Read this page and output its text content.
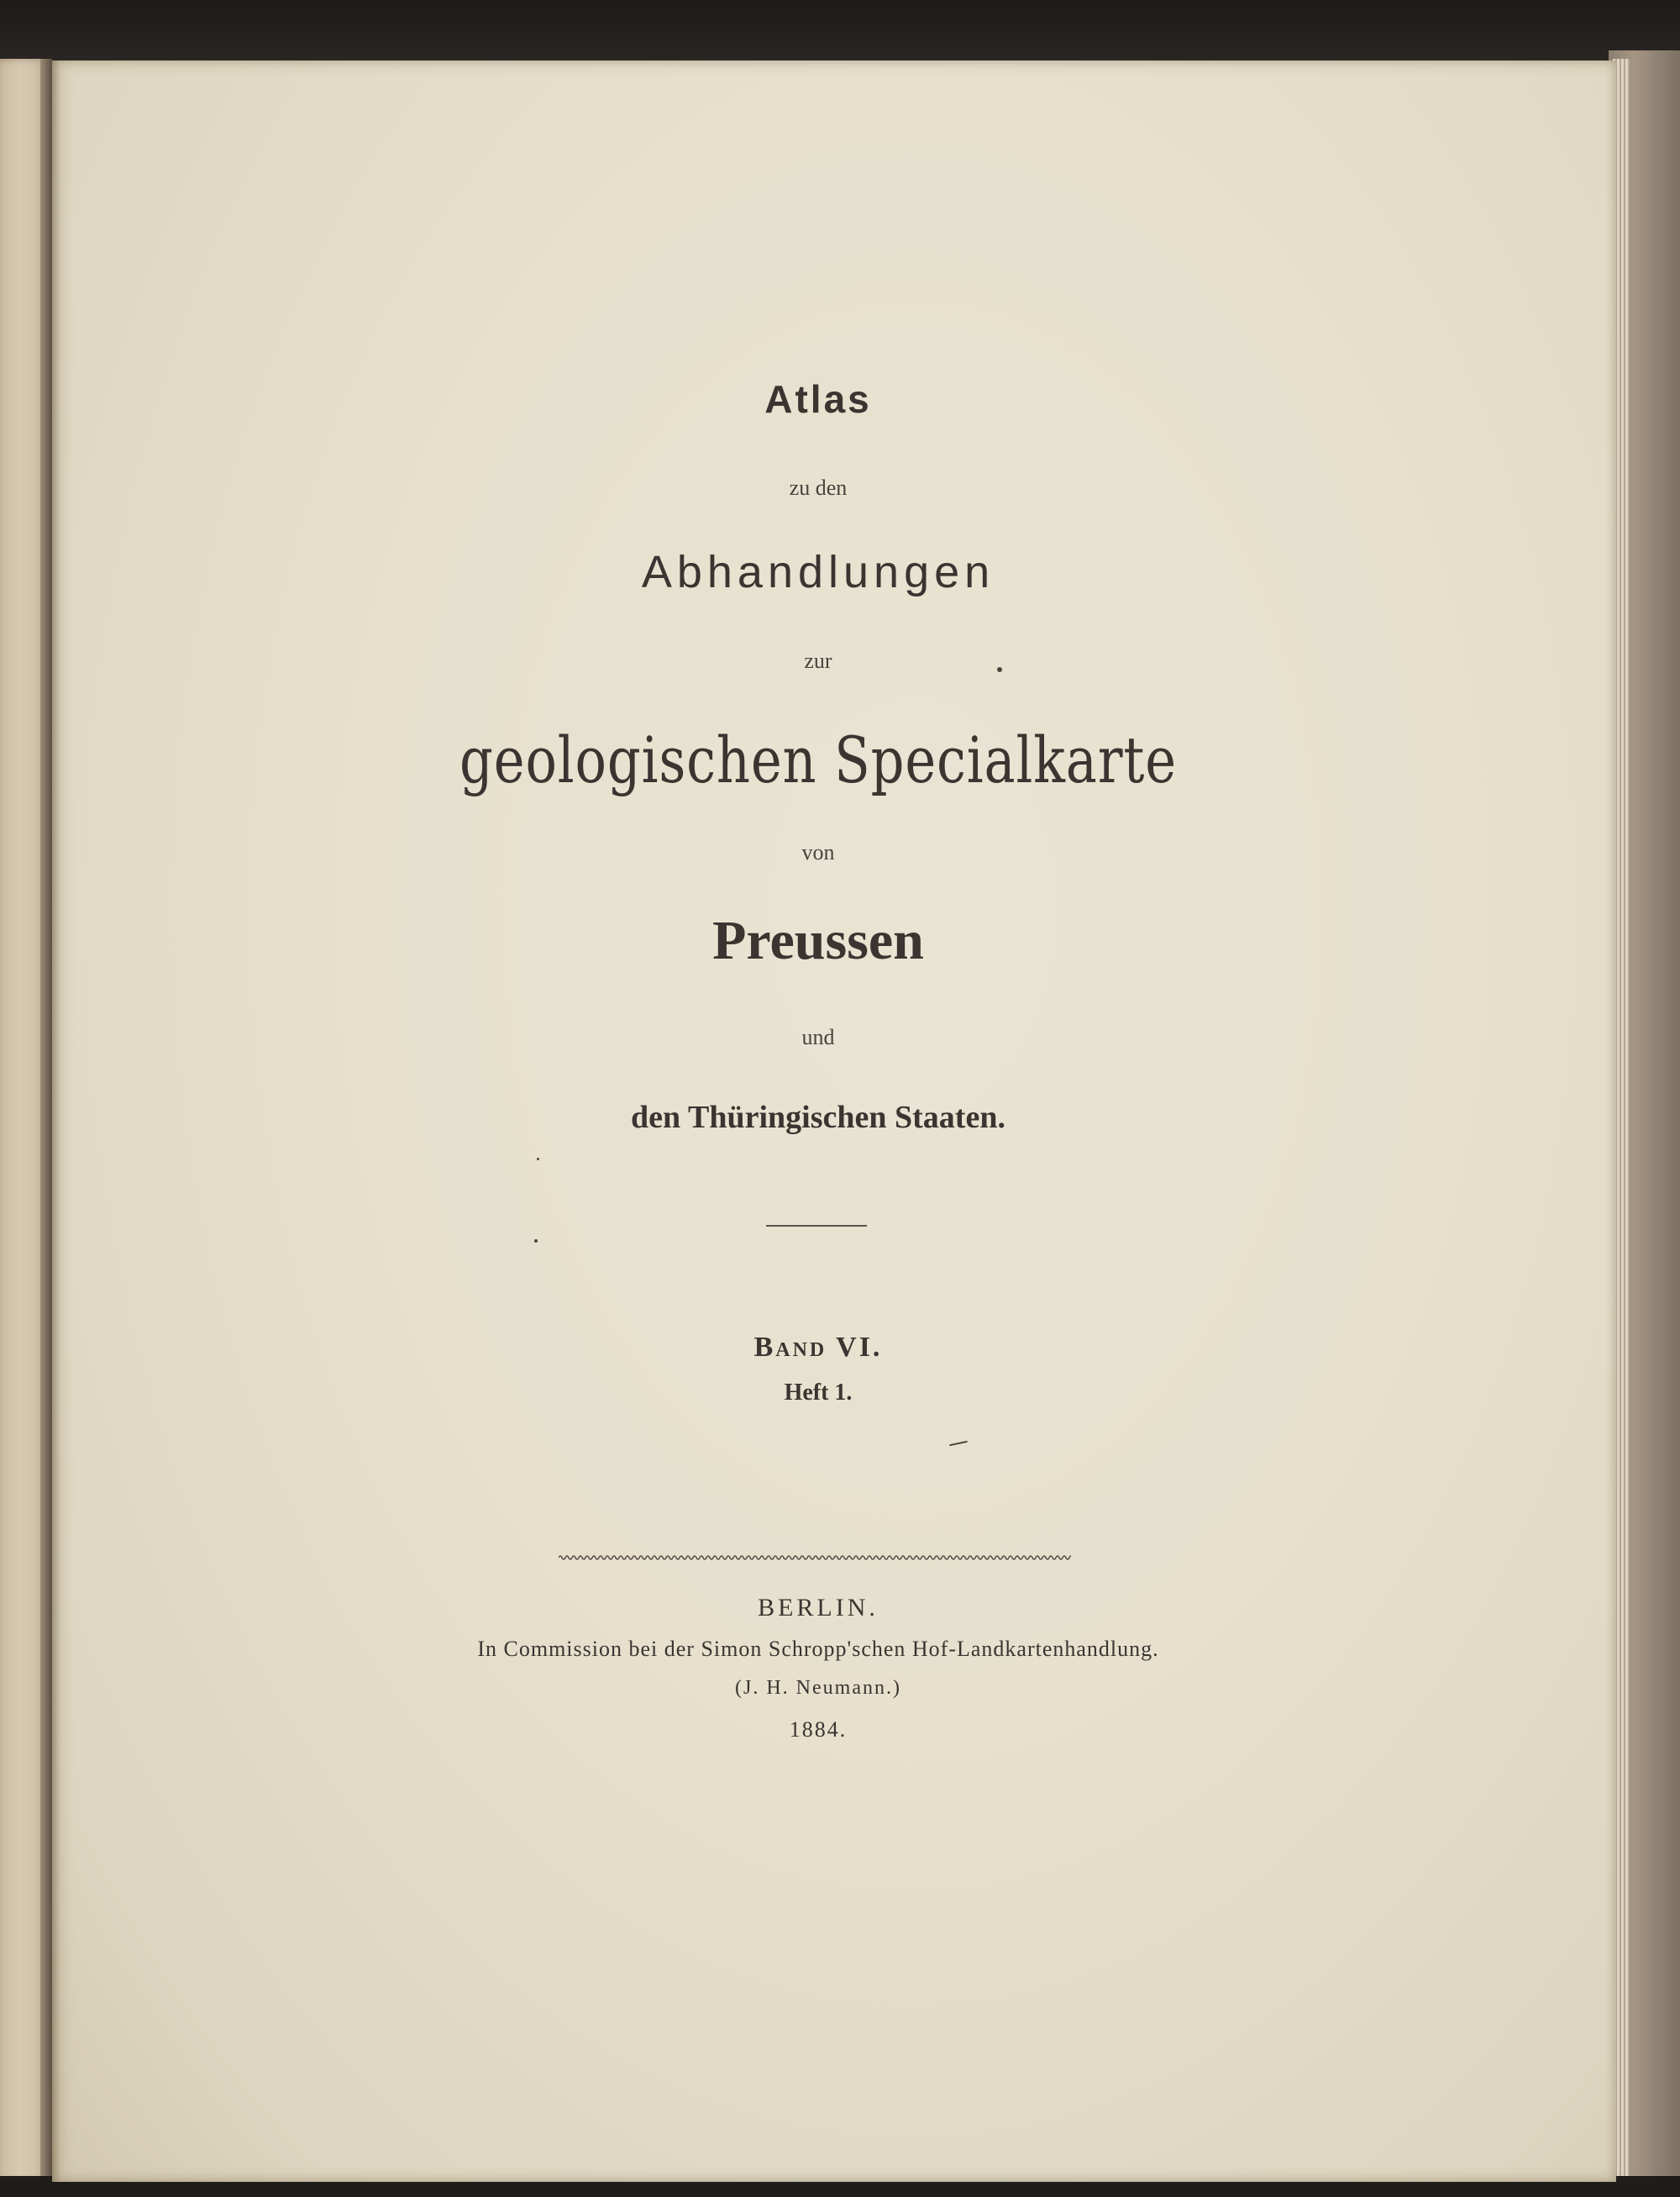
Atlas
zu den
Abhandlungen
zur
geologischen Specialkarte
von
Preussen
und
den Thüringischen Staaten.
BAND VI.
Heft 1.
BERLIN.
In Commission bei der Simon Schropp'schen Hof-Landkartenhandlung.
(J. H. Neumann.)
1884.
